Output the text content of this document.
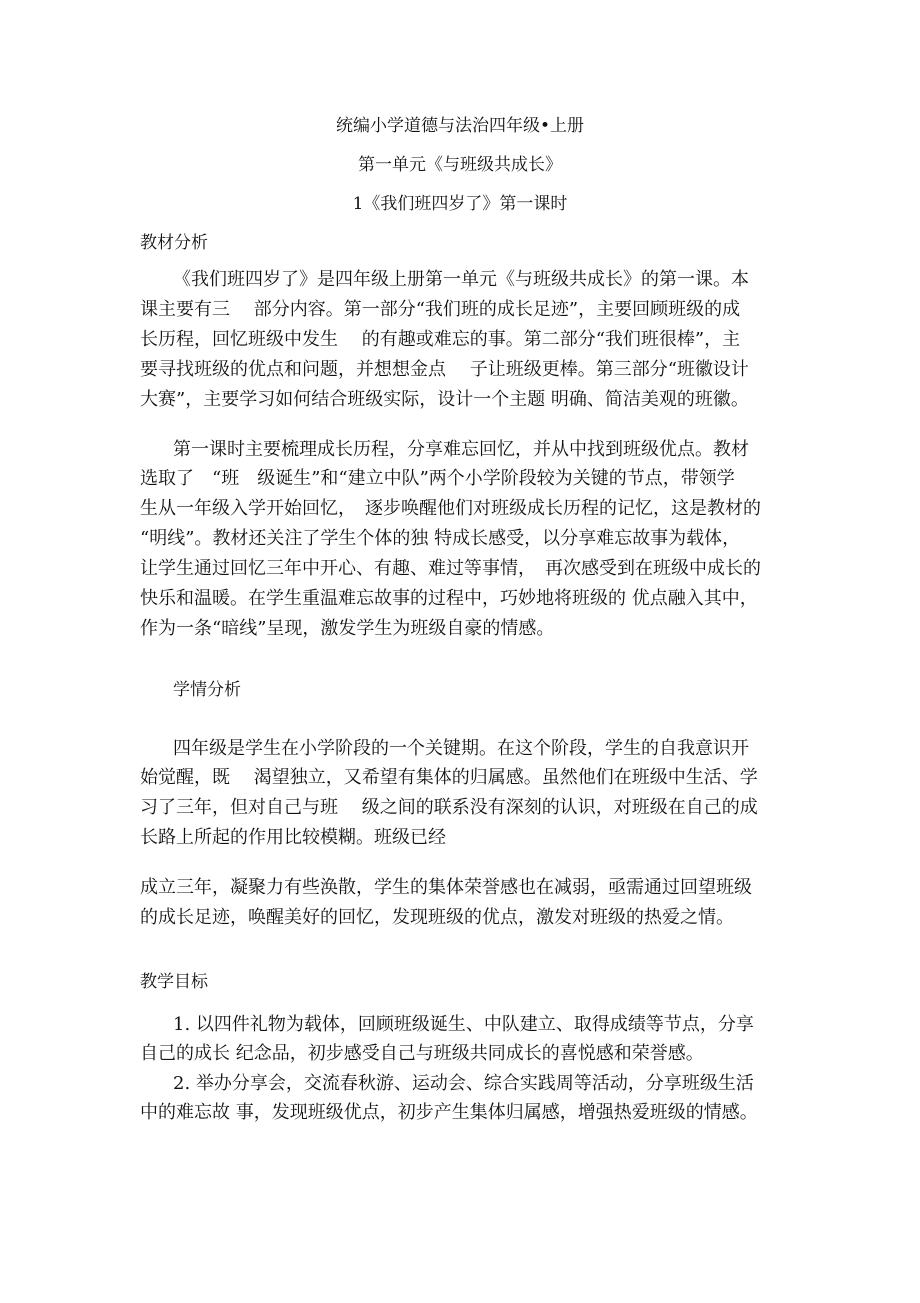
统编小学道德与法治四年级•上册
第一单元《与班级共成长》
1《我们班四岁了》第一课时
教材分析
《我们班四岁了》是四年级上册第一单元《与班级共成长》的第一课。本
课主要有三　 部分内容。第一部分“我们班的成长足迹”，主要回顾班级的成
长历程，回忆班级中发生　 的有趣或难忘的事。第二部分“我们班很棒”，主
要寻找班级的优点和问题，并想想金点　 子让班级更棒。第三部分“班徽设计
大赛”，主要学习如何结合班级实际，设计一个主题 明确、简洁美观的班徽。
第一课时主要梳理成长历程，分享难忘回忆，并从中找到班级优点。教材
选取了　“班　级诞生”和“建立中队”两个小学阶段较为关键的节点，带领学
生从一年级入学开始回忆，　逐步唤醒他们对班级成长历程的记忆，这是教材的
“明线”。教材还关注了学生个体的独 特成长感受，以分享难忘故事为载体，
让学生通过回忆三年中开心、有趣、难过等事情，　再次感受到在班级中成长的
快乐和温暖。在学生重温难忘故事的过程中，巧妙地将班级的 优点融入其中，
作为一条“暗线”呈现，激发学生为班级自豪的情感。
学情分析
四年级是学生在小学阶段的一个关键期。在这个阶段，学生的自我意识开
始觉醒，既　 渴望独立，又希望有集体的归属感。虽然他们在班级中生活、学
习了三年，但对自己与班　 级之间的联系没有深刻的认识，对班级在自己的成
长路上所起的作用比较模糊。班级已经
成立三年，凝聚力有些涣散，学生的集体荣誉感也在减弱，亟需通过回望班级
的成长足迹，唤醒美好的回忆，发现班级的优点，激发对班级的热爱之情。
教学目标
1. 以四件礼物为载体，回顾班级诞生、中队建立、取得成绩等节点，分享
自己的成长 纪念品，初步感受自己与班级共同成长的喜悦感和荣誉感。
2. 举办分享会，交流春秋游、运动会、综合实践周等活动，分享班级生活
中的难忘故 事，发现班级优点，初步产生集体归属感，增强热爱班级的情感。
